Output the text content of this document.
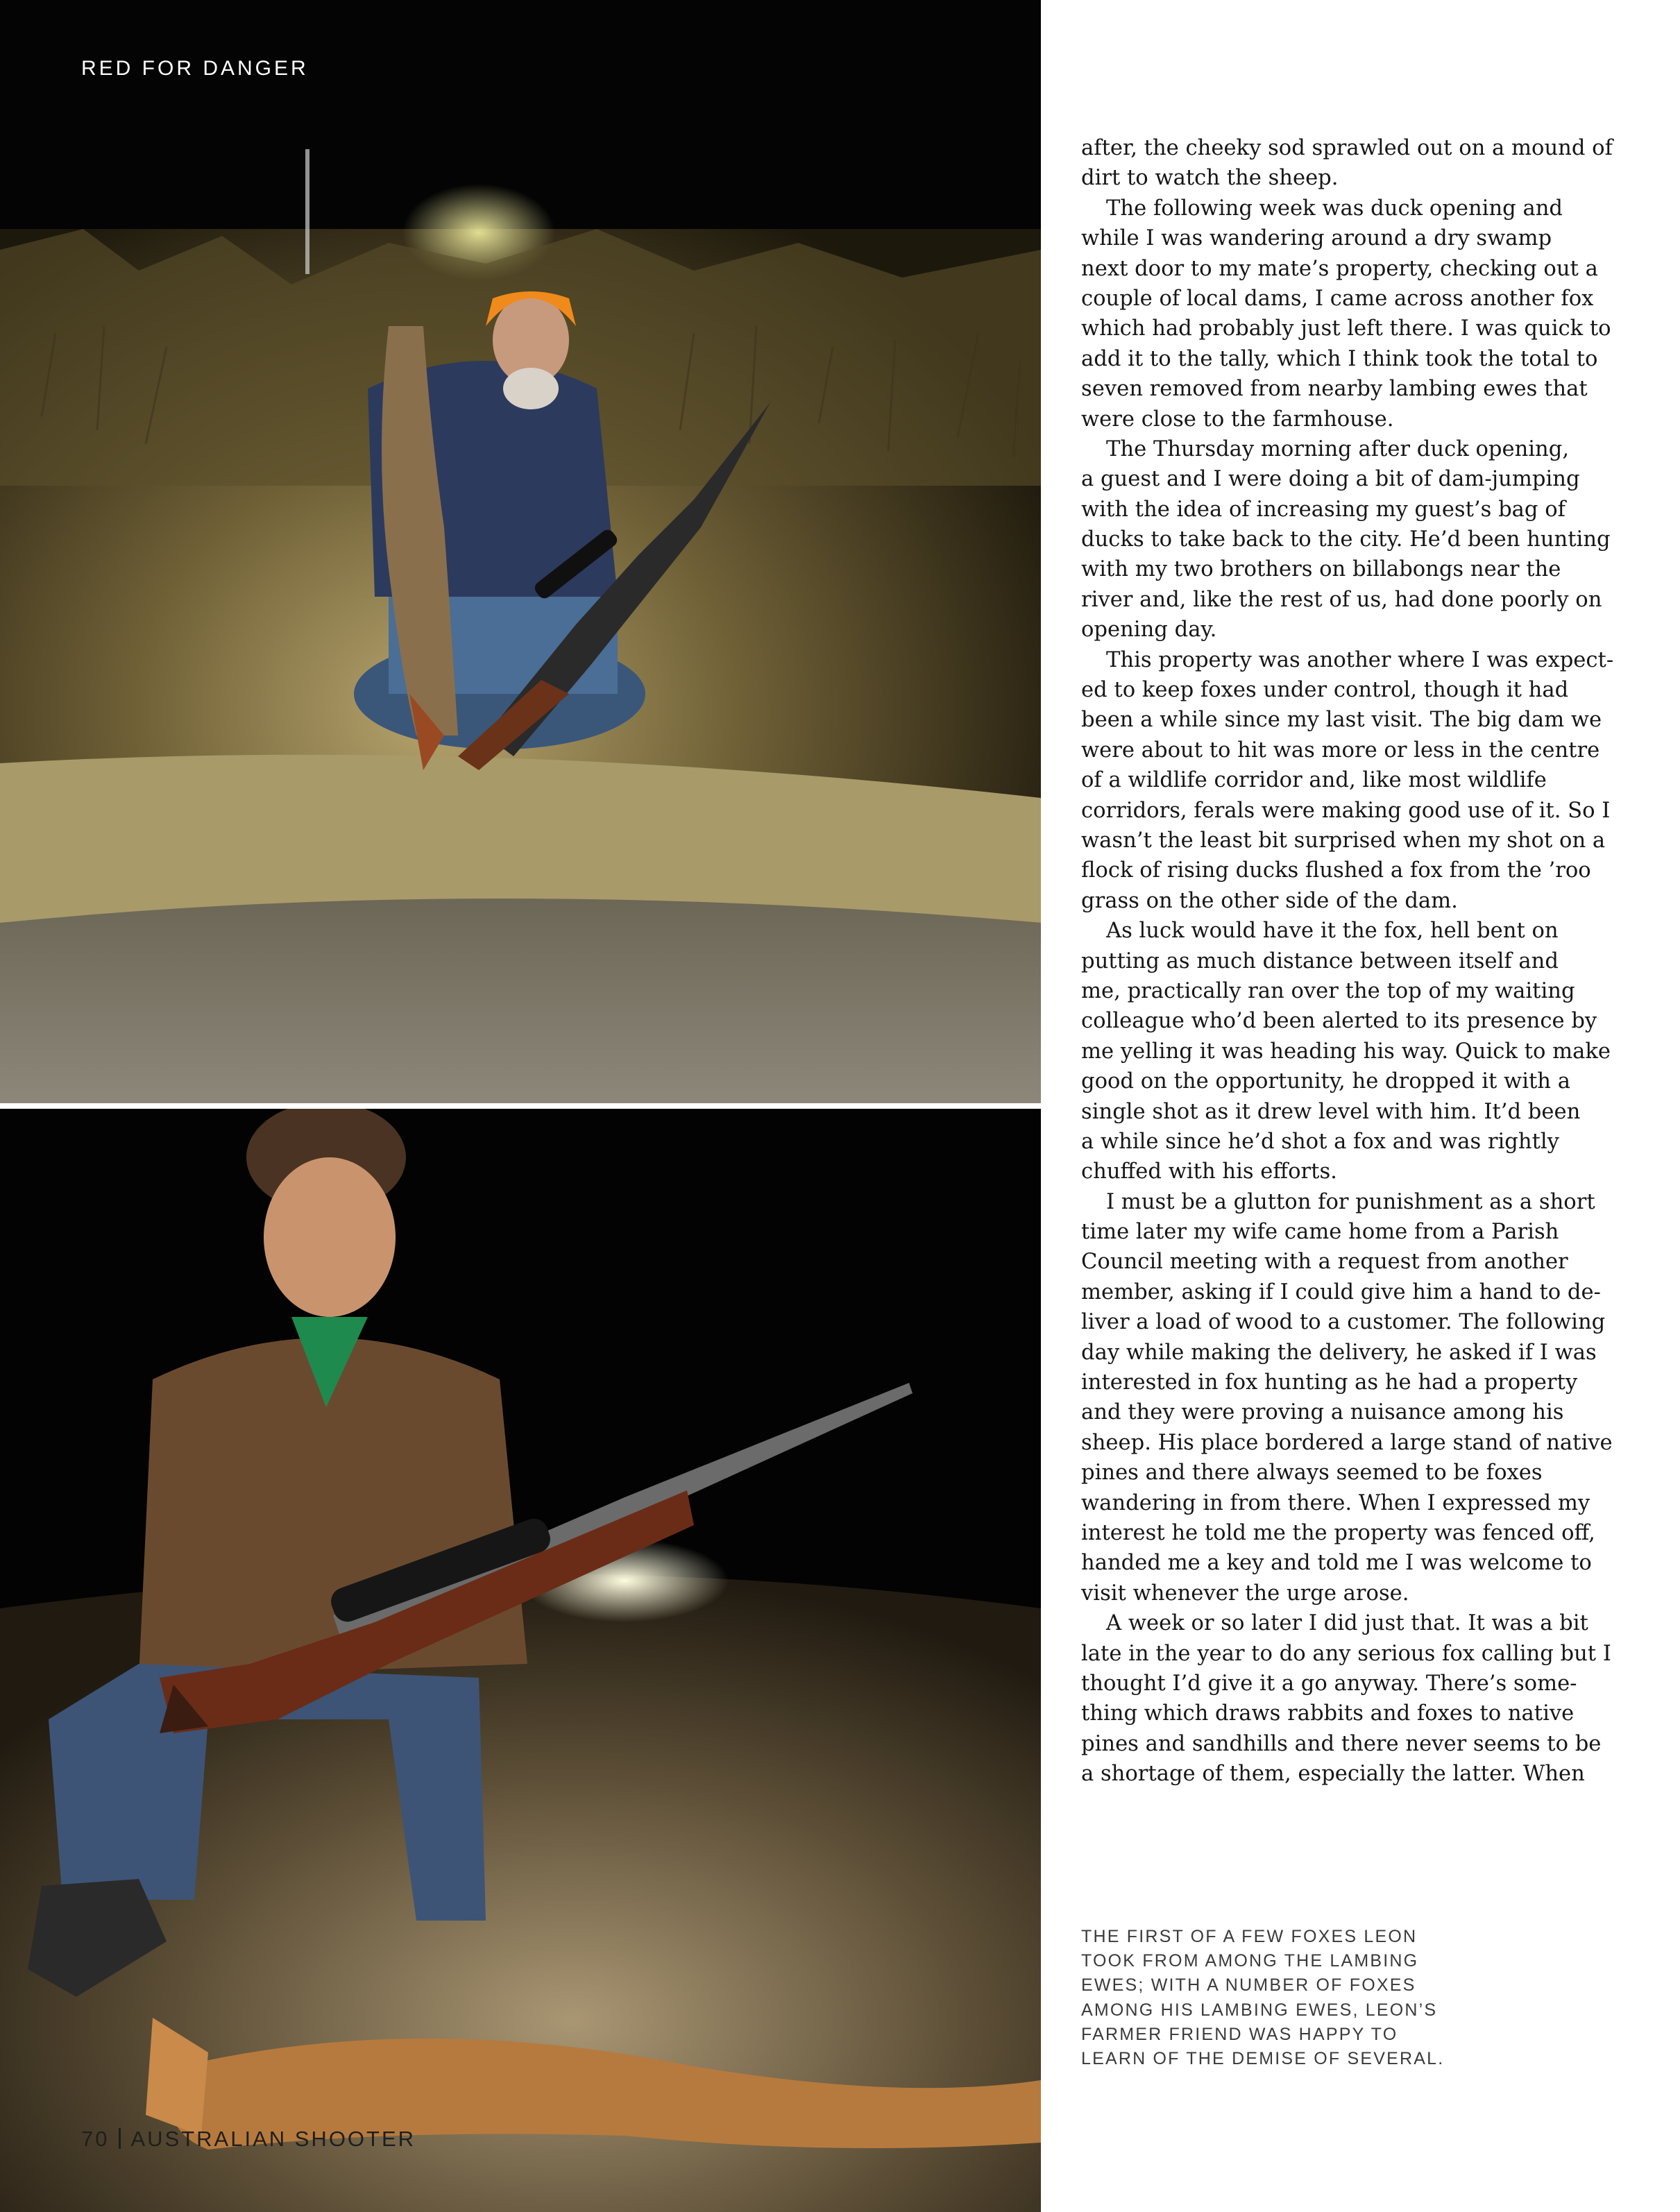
RED FOR DANGER
70 AUSTRALIAN SHOOTER
after, the cheeky sod sprawled out on a mound of
dirt to watch the sheep.
The following week was duck opening and
while I was wandering around a dry swamp
next door to my mate’s property, checking out a
couple of local dams, I came across another fox
which had probably just left there. I was quick to
add it to the tally, which I think took the total to
seven removed from nearby lambing ewes that
were close to the farmhouse.
The Thursday morning after duck opening,
a guest and I were doing a bit of dam-jumping
with the idea of increasing my guest’s bag of
ducks to take back to the city. He’d been hunting
with my two brothers on billabongs near the
river and, like the rest of us, had done poorly on
opening day.
This property was another where I was expect-
ed to keep foxes under control, though it had
been a while since my last visit. The big dam we
were about to hit was more or less in the centre
of a wildlife corridor and, like most wildlife
corridors, ferals were making good use of it. So I
wasn’t the least bit surprised when my shot on a
flock of rising ducks flushed a fox from the ’roo
grass on the other side of the dam.
As luck would have it the fox, hell bent on
putting as much distance between itself and
me, practically ran over the top of my waiting
colleague who’d been alerted to its presence by
me yelling it was heading his way. Quick to make
good on the opportunity, he dropped it with a
single shot as it drew level with him. It’d been
a while since he’d shot a fox and was rightly
chuffed with his efforts.
I must be a glutton for punishment as a short
time later my wife came home from a Parish
Council meeting with a request from another
member, asking if I could give him a hand to de-
liver a load of wood to a customer. The following
day while making the delivery, he asked if I was
interested in fox hunting as he had a property
and they were proving a nuisance among his
sheep. His place bordered a large stand of native
pines and there always seemed to be foxes
wandering in from there. When I expressed my
interest he told me the property was fenced off,
handed me a key and told me I was welcome to
visit whenever the urge arose.
A week or so later I did just that. It was a bit
late in the year to do any serious fox calling but I
thought I’d give it a go anyway. There’s some-
thing which draws rabbits and foxes to native
pines and sandhills and there never seems to be
a shortage of them, especially the latter. When
THE FIRST OF A FEW FOXES LEON
TOOK FROM AMONG THE LAMBING
EWES; WITH A NUMBER OF FOXES
AMONG HIS LAMBING EWES, LEON’S
FARMER FRIEND WAS HAPPY TO
LEARN OF THE DEMISE OF SEVERAL.
